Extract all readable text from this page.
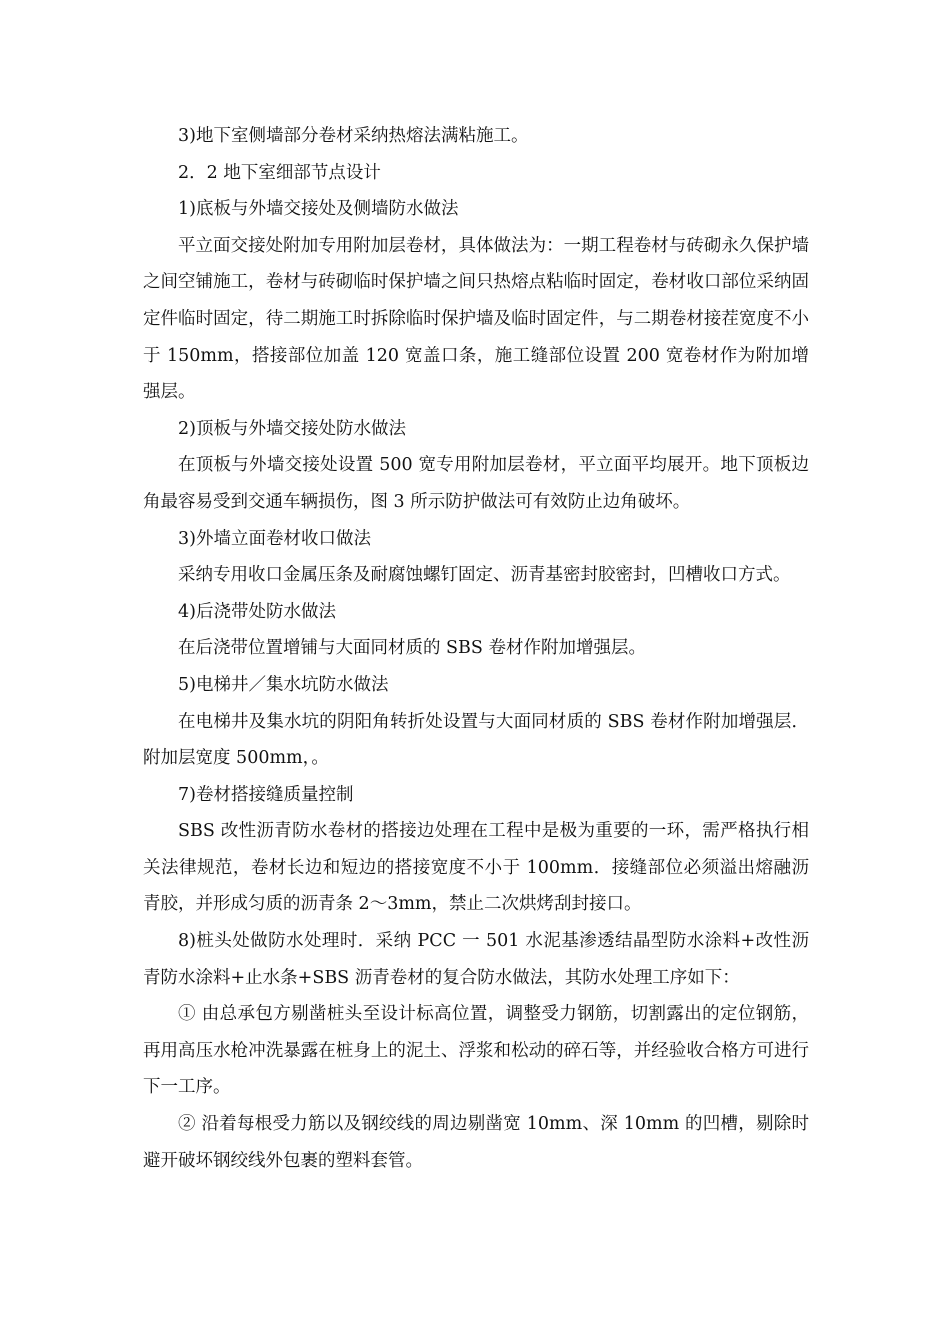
3)地下室侧墙部分卷材采纳热熔法满粘施工。

2．2 地下室细部节点设计

1)底板与外墙交接处及侧墙防水做法

平立面交接处附加专用附加层卷材，具体做法为：一期工程卷材与砖砌永久保护墙之间空铺施工，卷材与砖砌临时保护墙之间只热熔点粘临时固定，卷材收口部位采纳固定件临时固定，待二期施工时拆除临时保护墙及临时固定件，与二期卷材接茬宽度不小于 150mm，搭接部位加盖 120 宽盖口条，施工缝部位设置 200 宽卷材作为附加增强层。

2)顶板与外墙交接处防水做法

在顶板与外墙交接处设置 500 宽专用附加层卷材，平立面平均展开。地下顶板边角最容易受到交通车辆损伤，图 3 所示防护做法可有效防止边角破坏。

3)外墙立面卷材收口做法

采纳专用收口金属压条及耐腐蚀螺钉固定、沥青基密封胶密封，凹槽收口方式。

4)后浇带处防水做法

在后浇带位置增铺与大面同材质的 SBS 卷材作附加增强层。

5)电梯井／集水坑防水做法

在电梯井及集水坑的阴阳角转折处设置与大面同材质的 SBS 卷材作附加增强层．附加层宽度 500mm，。

7)卷材搭接缝质量控制

SBS 改性沥青防水卷材的搭接边处理在工程中是极为重要的一环，需严格执行相关法律规范，卷材长边和短边的搭接宽度不小于 100mm．接缝部位必须溢出熔融沥青胶，并形成匀质的沥青条 2～3mm，禁止二次烘烤刮封接口。

8)桩头处做防水处理时．采纳 PCC 一 501 水泥基渗透结晶型防水涂料+改性沥青防水涂料+止水条+SBS 沥青卷材的复合防水做法，其防水处理工序如下：

① 由总承包方剔凿桩头至设计标高位置，调整受力钢筋，切割露出的定位钢筋，再用高压水枪冲洗暴露在桩身上的泥土、浮浆和松动的碎石等，并经验收合格方可进行下一工序。

② 沿着每根受力筋以及钢绞线的周边剔凿宽 10mm、深 10mm 的凹槽，剔除时避开破坏钢绞线外包裹的塑料套管。
